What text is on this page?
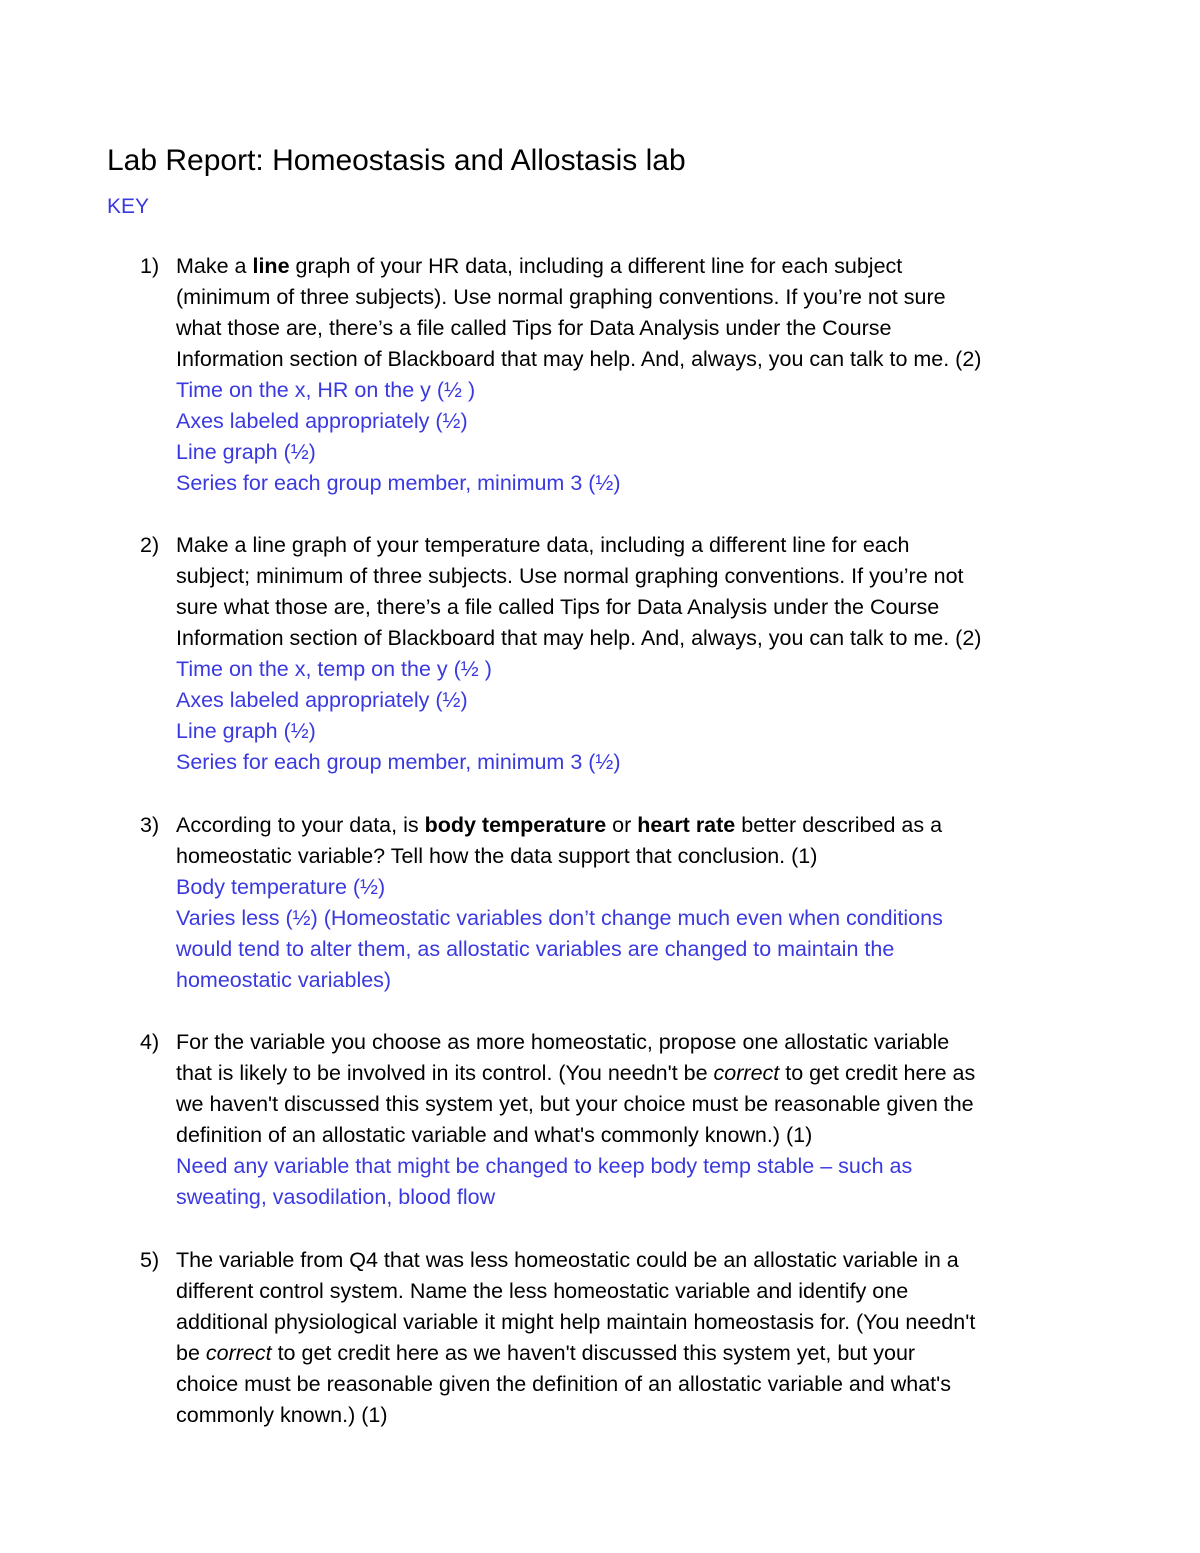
Lab Report: Homeostasis and Allostasis lab
KEY
1) Make a line graph of your HR data, including a different line for each subject
(minimum of three subjects). Use normal graphing conventions. If you’re not sure
what those are, there’s a file called Tips for Data Analysis under the Course
Information section of Blackboard that may help. And, always, you can talk to me. (2)
Time on the x, HR on the y (½ )
Axes labeled appropriately (½)
Line graph (½)
Series for each group member, minimum 3 (½)
2) Make a line graph of your temperature data, including a different line for each
subject; minimum of three subjects. Use normal graphing conventions. If you’re not
sure what those are, there’s a file called Tips for Data Analysis under the Course
Information section of Blackboard that may help. And, always, you can talk to me. (2)
Time on the x, temp on the y (½ )
Axes labeled appropriately (½)
Line graph (½)
Series for each group member, minimum 3 (½)
3) According to your data, is body temperature or heart rate better described as a
homeostatic variable? Tell how the data support that conclusion. (1)
Body temperature (½)
Varies less (½) (Homeostatic variables don’t change much even when conditions
would tend to alter them, as allostatic variables are changed to maintain the
homeostatic variables)
4) For the variable you choose as more homeostatic, propose one allostatic variable
that is likely to be involved in its control. (You needn't be correct to get credit here as
we haven't discussed this system yet, but your choice must be reasonable given the
definition of an allostatic variable and what's commonly known.) (1)
Need any variable that might be changed to keep body temp stable – such as
sweating, vasodilation, blood flow
5) The variable from Q4 that was less homeostatic could be an allostatic variable in a
different control system. Name the less homeostatic variable and identify one
additional physiological variable it might help maintain homeostasis for. (You needn't
be correct to get credit here as we haven't discussed this system yet, but your
choice must be reasonable given the definition of an allostatic variable and what's
commonly known.) (1)
